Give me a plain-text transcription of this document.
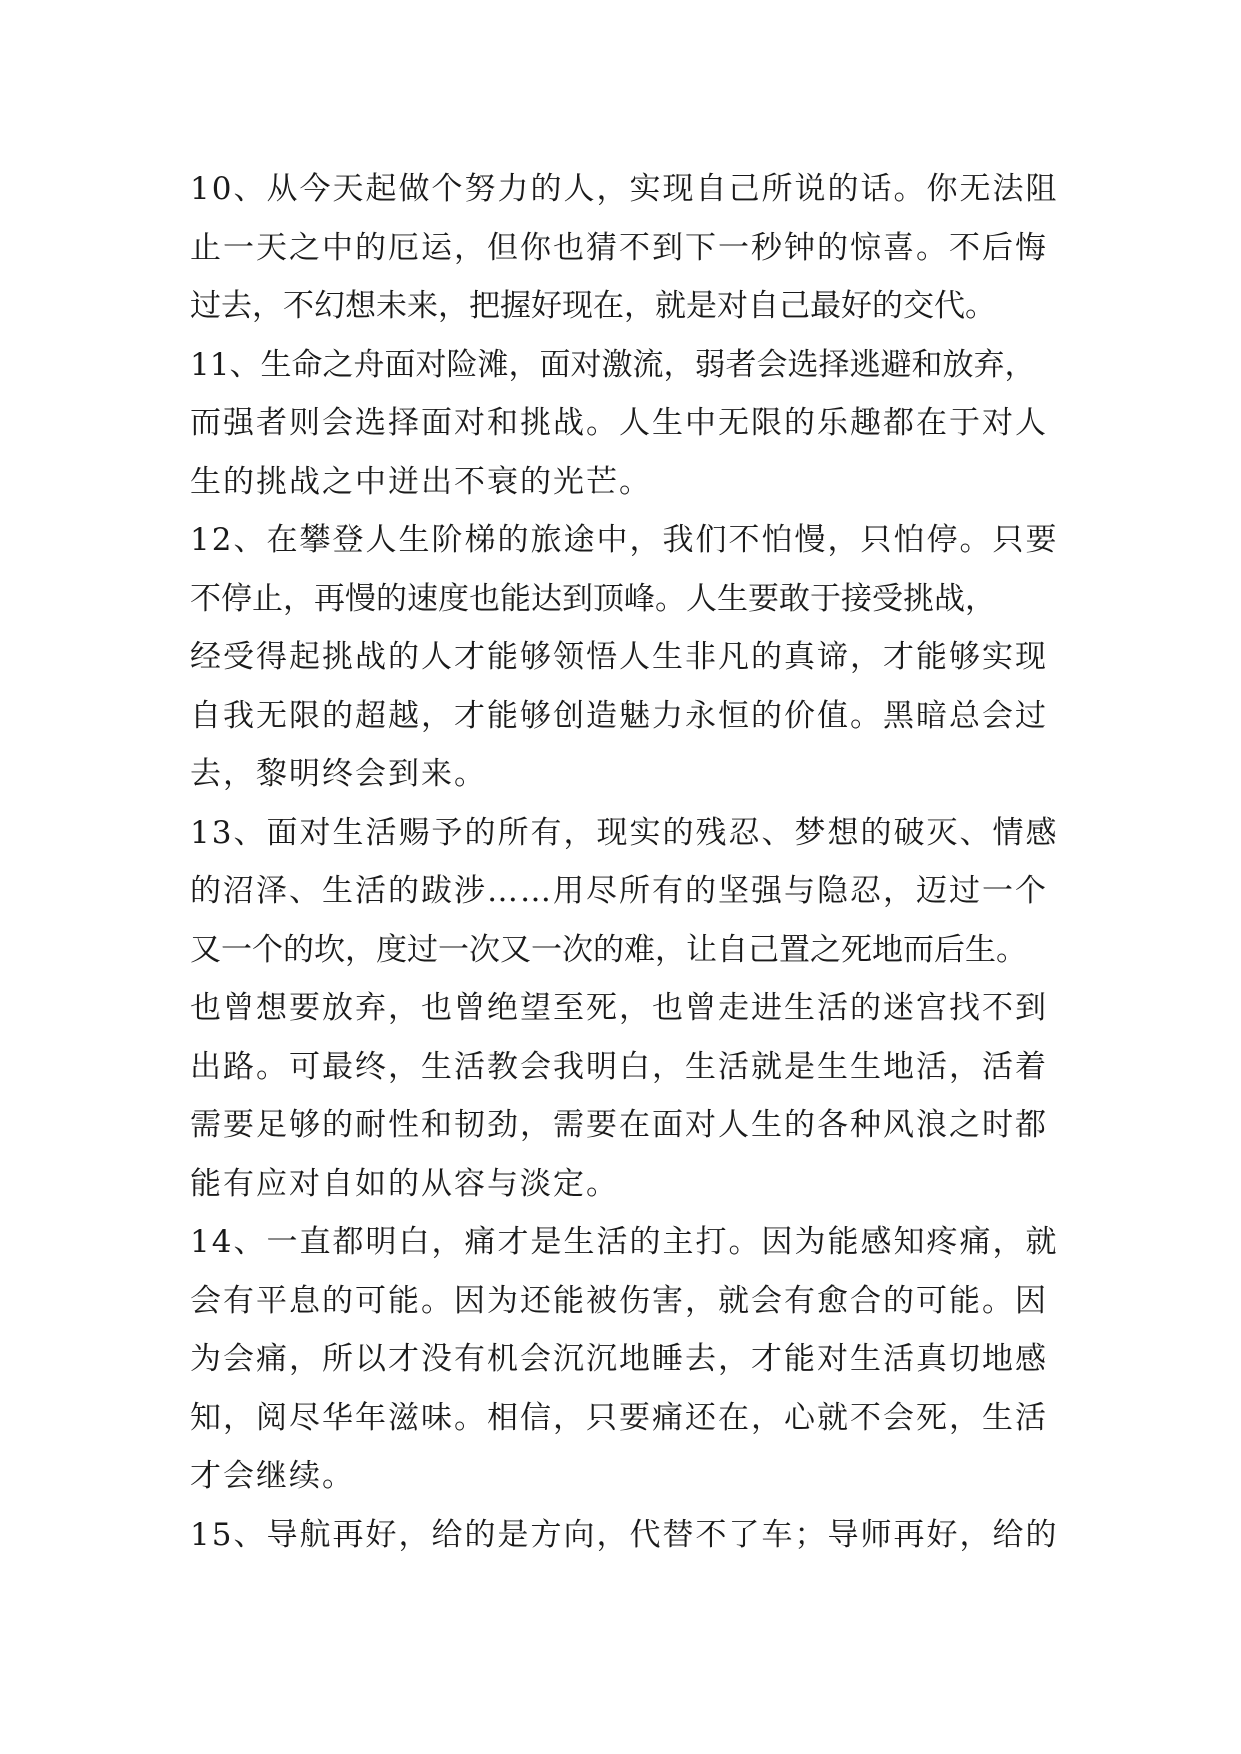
10、从今天起做个努力的人，实现自己所说的话。你无法阻
止一天之中的厄运，但你也猜不到下一秒钟的惊喜。不后悔
过去，不幻想未来，把握好现在，就是对自己最好的交代。
11、生命之舟面对险滩，面对激流，弱者会选择逃避和放弃，
而强者则会选择面对和挑战。人生中无限的乐趣都在于对人
生的挑战之中迸出不衰的光芒。
12、在攀登人生阶梯的旅途中，我们不怕慢，只怕停。只要
不停止，再慢的速度也能达到顶峰。人生要敢于接受挑战，
经受得起挑战的人才能够领悟人生非凡的真谛，才能够实现
自我无限的超越，才能够创造魅力永恒的价值。黑暗总会过
去，黎明终会到来。
13、面对生活赐予的所有，现实的残忍、梦想的破灭、情感
的沼泽、生活的跋涉……用尽所有的坚强与隐忍，迈过一个
又一个的坎，度过一次又一次的难，让自己置之死地而后生。
也曾想要放弃，也曾绝望至死，也曾走进生活的迷宫找不到
出路。可最终，生活教会我明白，生活就是生生地活，活着
需要足够的耐性和韧劲，需要在面对人生的各种风浪之时都
能有应对自如的从容与淡定。
14、一直都明白，痛才是生活的主打。因为能感知疼痛，就
会有平息的可能。因为还能被伤害，就会有愈合的可能。因
为会痛，所以才没有机会沉沉地睡去，才能对生活真切地感
知，阅尽华年滋味。相信，只要痛还在，心就不会死，生活
才会继续。
15、导航再好，给的是方向，代替不了车；导师再好，给的
